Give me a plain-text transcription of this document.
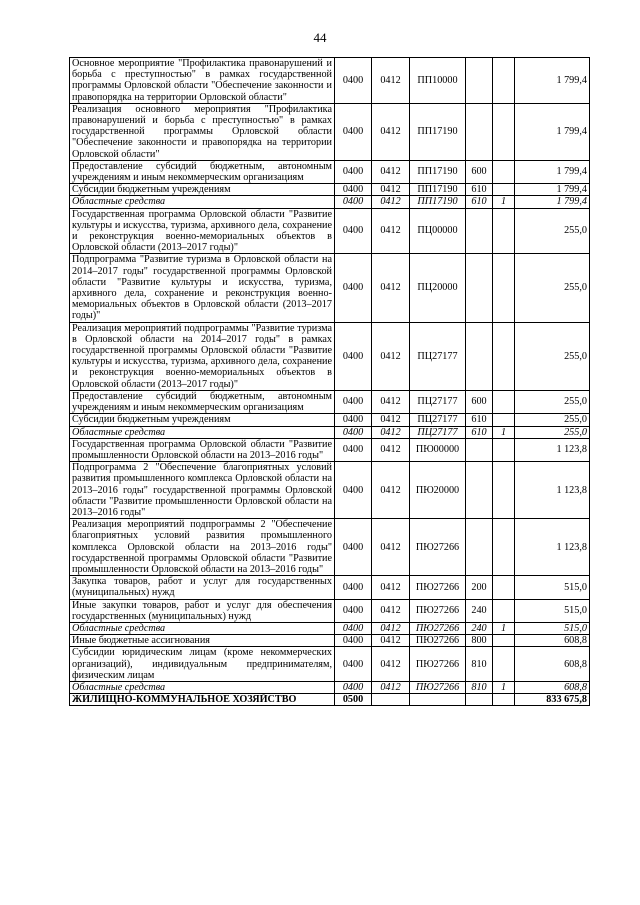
44
Основное мероприятие "Профилактика правонарушений и борьба с преступностью" в рамках государственной программы Орловской области "Обеспечение законности и правопорядка на территории Орловской области"	0400	0412	ПП10000			1 799,4
Реализация основного мероприятия "Профилактика правонарушений и борьба с преступностью" в рамках государственной программы Орловской области "Обеспечение законности и правопорядка на территории Орловской области"	0400	0412	ПП17190			1 799,4
Предоставление субсидий бюджетным, автономным учреждениям и иным некоммерческим организациям	0400	0412	ПП17190	600		1 799,4
Субсидии бюджетным учреждениям	0400	0412	ПП17190	610		1 799,4
Областные средства	0400	0412	ПП17190	610	1	1 799,4
Государственная программа Орловской области "Развитие культуры и искусства, туризма, архивного дела, сохранение и реконструкция военно-мемориальных объектов в Орловской области (2013–2017 годы)"	0400	0412	ПЦ00000			255,0
Подпрограмма "Развитие туризма в Орловской области на 2014–2017 годы" государственной программы Орловской области "Развитие культуры и искусства, туризма, архивного дела, сохранение и реконструкция военно-мемориальных объектов в Орловской области (2013–2017 годы)"	0400	0412	ПЦ20000			255,0
Реализация мероприятий подпрограммы "Развитие туризма в Орловской области на 2014–2017 годы" в рамках государственной программы Орловской области "Развитие культуры и искусства, туризма, архивного дела, сохранение и реконструкция военно-мемориальных объектов в Орловской области (2013–2017 годы)"	0400	0412	ПЦ27177			255,0
Предоставление субсидий бюджетным, автономным учреждениям и иным некоммерческим организациям	0400	0412	ПЦ27177	600		255,0
Субсидии бюджетным учреждениям	0400	0412	ПЦ27177	610		255,0
Областные средства	0400	0412	ПЦ27177	610	1	255,0
Государственная программа Орловской области "Развитие промышленности Орловской области на 2013–2016 годы"	0400	0412	ПЮ00000			1 123,8
Подпрограмма 2 "Обеспечение благоприятных условий развития промышленного комплекса Орловской области на 2013–2016 годы" государственной программы Орловской области "Развитие промышленности Орловской области на 2013–2016 годы"	0400	0412	ПЮ20000			1 123,8
Реализация мероприятий подпрограммы 2 "Обеспечение благоприятных условий развития промышленного комплекса Орловской области на 2013–2016 годы" государственной программы Орловской области "Развитие промышленности Орловской области на 2013–2016 годы"	0400	0412	ПЮ27266			1 123,8
Закупка товаров, работ и услуг для государственных (муниципальных) нужд	0400	0412	ПЮ27266	200		515,0
Иные закупки товаров, работ и услуг для обеспечения государственных (муниципальных) нужд	0400	0412	ПЮ27266	240		515,0
Областные средства	0400	0412	ПЮ27266	240	1	515,0
Иные бюджетные ассигнования	0400	0412	ПЮ27266	800		608,8
Субсидии юридическим лицам (кроме некоммерческих организаций), индивидуальным предпринимателям, физическим лицам	0400	0412	ПЮ27266	810		608,8
Областные средства	0400	0412	ПЮ27266	810	1	608,8
ЖИЛИЩНО-КОММУНАЛЬНОЕ ХОЗЯЙСТВО	0500					833 675,8
